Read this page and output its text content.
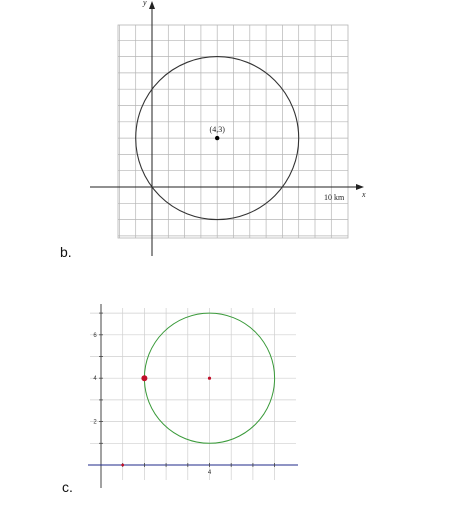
(4,3)
10 km x
y
b.
6
4
2
4
c.
